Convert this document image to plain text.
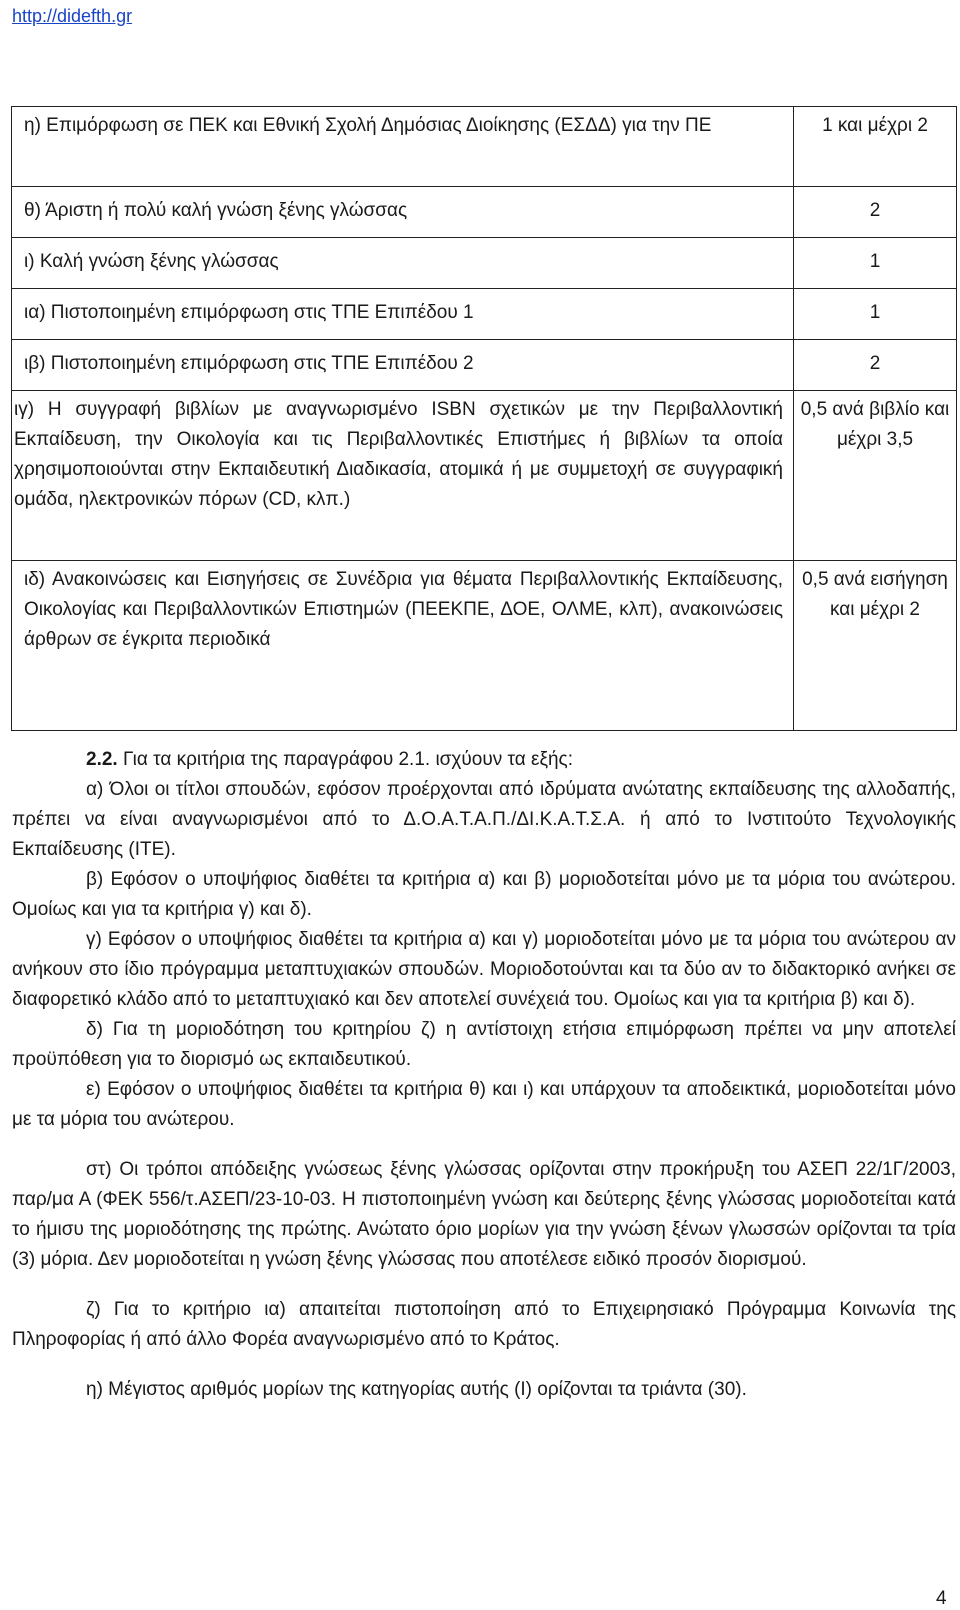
http://didefth.gr
η) Επιμόρφωση σε ΠΕΚ και Εθνική Σχολή Δημόσιας Διοίκησης (ΕΣΔΔ) για την ΠΕ	1 και μέχρι 2
θ) Άριστη ή πολύ καλή γνώση ξένης γλώσσας	2
ι) Καλή γνώση ξένης γλώσσας	1
ια) Πιστοποιημένη επιμόρφωση στις ΤΠΕ Επιπέδου 1	1
ιβ) Πιστοποιημένη επιμόρφωση στις ΤΠΕ Επιπέδου 2	2
ιγ) Η συγγραφή βιβλίων με αναγνωρισμένο ISBN σχετικών με την Περιβαλλοντική Εκπαίδευση, την Οικολογία και τις Περιβαλλοντικές Επιστήμες ή βιβλίων τα οποία χρησιμοποιούνται στην Εκπαιδευτική Διαδικασία, ατομικά ή με συμμετοχή σε συγγραφική ομάδα, ηλεκτρονικών πόρων (CD, κλπ.)	0,5 ανά βιβλίο και μέχρι 3,5
ιδ) Ανακοινώσεις και Εισηγήσεις σε Συνέδρια για θέματα Περιβαλλοντικής Εκπαίδευσης, Οικολογίας και Περιβαλλοντικών Επιστημών (ΠΕΕΚΠΕ, ΔΟΕ, ΟΛΜΕ, κλπ), ανακοινώσεις άρθρων σε έγκριτα περιοδικά	0,5 ανά εισήγηση και μέχρι 2
2.2. Για τα κριτήρια της παραγράφου 2.1. ισχύουν τα εξής:

α) Όλοι οι τίτλοι σπουδών, εφόσον προέρχονται από ιδρύματα ανώτατης εκπαίδευσης της αλλοδαπής, πρέπει να είναι αναγνωρισμένοι από το Δ.Ο.Α.Τ.Α.Π./ΔΙ.Κ.Α.Τ.Σ.Α. ή από το Ινστιτούτο Τεχνολογικής Εκπαίδευσης (ΙΤΕ).

β) Εφόσον ο υποψήφιος διαθέτει τα κριτήρια α) και β) μοριοδοτείται μόνο με τα μόρια του ανώτερου. Ομοίως και για τα κριτήρια γ) και δ).

γ) Εφόσον ο υποψήφιος διαθέτει τα κριτήρια α) και γ) μοριοδοτείται μόνο με τα μόρια του ανώτερου αν ανήκουν στο ίδιο πρόγραμμα μεταπτυχιακών σπουδών. Μοριοδοτούνται και τα δύο αν το διδακτορικό ανήκει σε διαφορετικό κλάδο από το μεταπτυχιακό και δεν αποτελεί συνέχειά του. Ομοίως και για τα κριτήρια β) και δ).

δ) Για τη μοριοδότηση του κριτηρίου ζ) η αντίστοιχη ετήσια επιμόρφωση πρέπει να μην αποτελεί προϋπόθεση για το διορισμό ως εκπαιδευτικού.

ε) Εφόσον ο υποψήφιος διαθέτει τα κριτήρια θ) και ι) και υπάρχουν τα αποδεικτικά, μοριοδοτείται μόνο με τα μόρια του ανώτερου.

στ) Οι τρόποι απόδειξης γνώσεως ξένης γλώσσας ορίζονται στην προκήρυξη του ΑΣΕΠ 22/1Γ/2003, παρ/μα Α (ΦΕΚ 556/τ.ΑΣΕΠ/23-10-03. Η πιστοποιημένη γνώση και δεύτερης ξένης γλώσσας μοριοδοτείται κατά το ήμισυ της μοριοδότησης της πρώτης. Ανώτατο όριο μορίων για την γνώση ξένων γλωσσών ορίζονται τα τρία (3) μόρια. Δεν μοριοδοτείται η γνώση ξένης γλώσσας που αποτέλεσε ειδικό προσόν διορισμού.

ζ) Για το κριτήριο ια) απαιτείται πιστοποίηση από το Επιχειρησιακό Πρόγραμμα Κοινωνία της Πληροφορίας ή από άλλο Φορέα αναγνωρισμένο από το Κράτος.

η) Μέγιστος αριθμός μορίων της κατηγορίας αυτής (Ι) ορίζονται τα τριάντα (30).

4
